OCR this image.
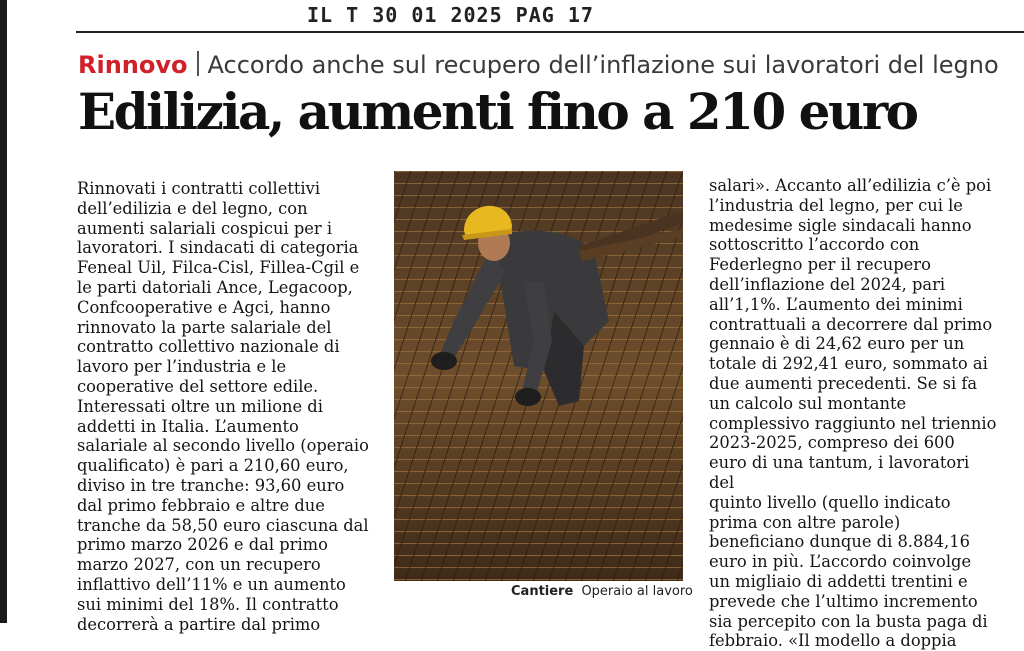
IL T 30 01 2025 PAG 17
Rinnovo Accordo anche sul recupero dell’inflazione sui lavoratori del legno
Edilizia, aumenti fino a 210 euro
Rinnovati i contratti collettivi
dell’edilizia e del legno, con
aumenti salariali cospicui per i
lavoratori. I sindacati di categoria
Feneal Uil, Filca-Cisl, Fillea-Cgil e
le parti datoriali Ance, Legacoop,
Confcooperative e Agci, hanno
rinnovato la parte salariale del
contratto collettivo nazionale di
lavoro per l’industria e le
cooperative del settore edile.
Interessati oltre un milione di
addetti in Italia. L’aumento
salariale al secondo livello (operaio
qualificato) è pari a 210,60 euro,
diviso in tre tranche: 93,60 euro
dal primo febbraio e altre due
tranche da 58,50 euro ciascuna dal
primo marzo 2026 e dal primo
marzo 2027, con un recupero
inflattivo dell’11% e un aumento
sui minimi del 18%. Il contratto
decorrerà a partire dal primo
Cantiere Operaio al lavoro
salari». Accanto all’edilizia c’è poi
l’industria del legno, per cui le
medesime sigle sindacali hanno
sottoscritto l’accordo con
Federlegno per il recupero
dell’inflazione del 2024, pari
all’1,1%. L’aumento dei minimi
contrattuali a decorrere dal primo
gennaio è di 24,62 euro per un
totale di 292,41 euro, sommato ai
due aumenti precedenti. Se si fa
un calcolo sul montante
complessivo raggiunto nel triennio
2023-2025, compreso dei 600
euro di una tantum, i lavoratori del
quinto livello (quello indicato
prima con altre parole)
beneficiano dunque di 8.884,16
euro in più. L’accordo coinvolge
un migliaio di addetti trentini e
prevede che l’ultimo incremento
sia percepito con la busta paga di
febbraio. «Il modello a doppia
